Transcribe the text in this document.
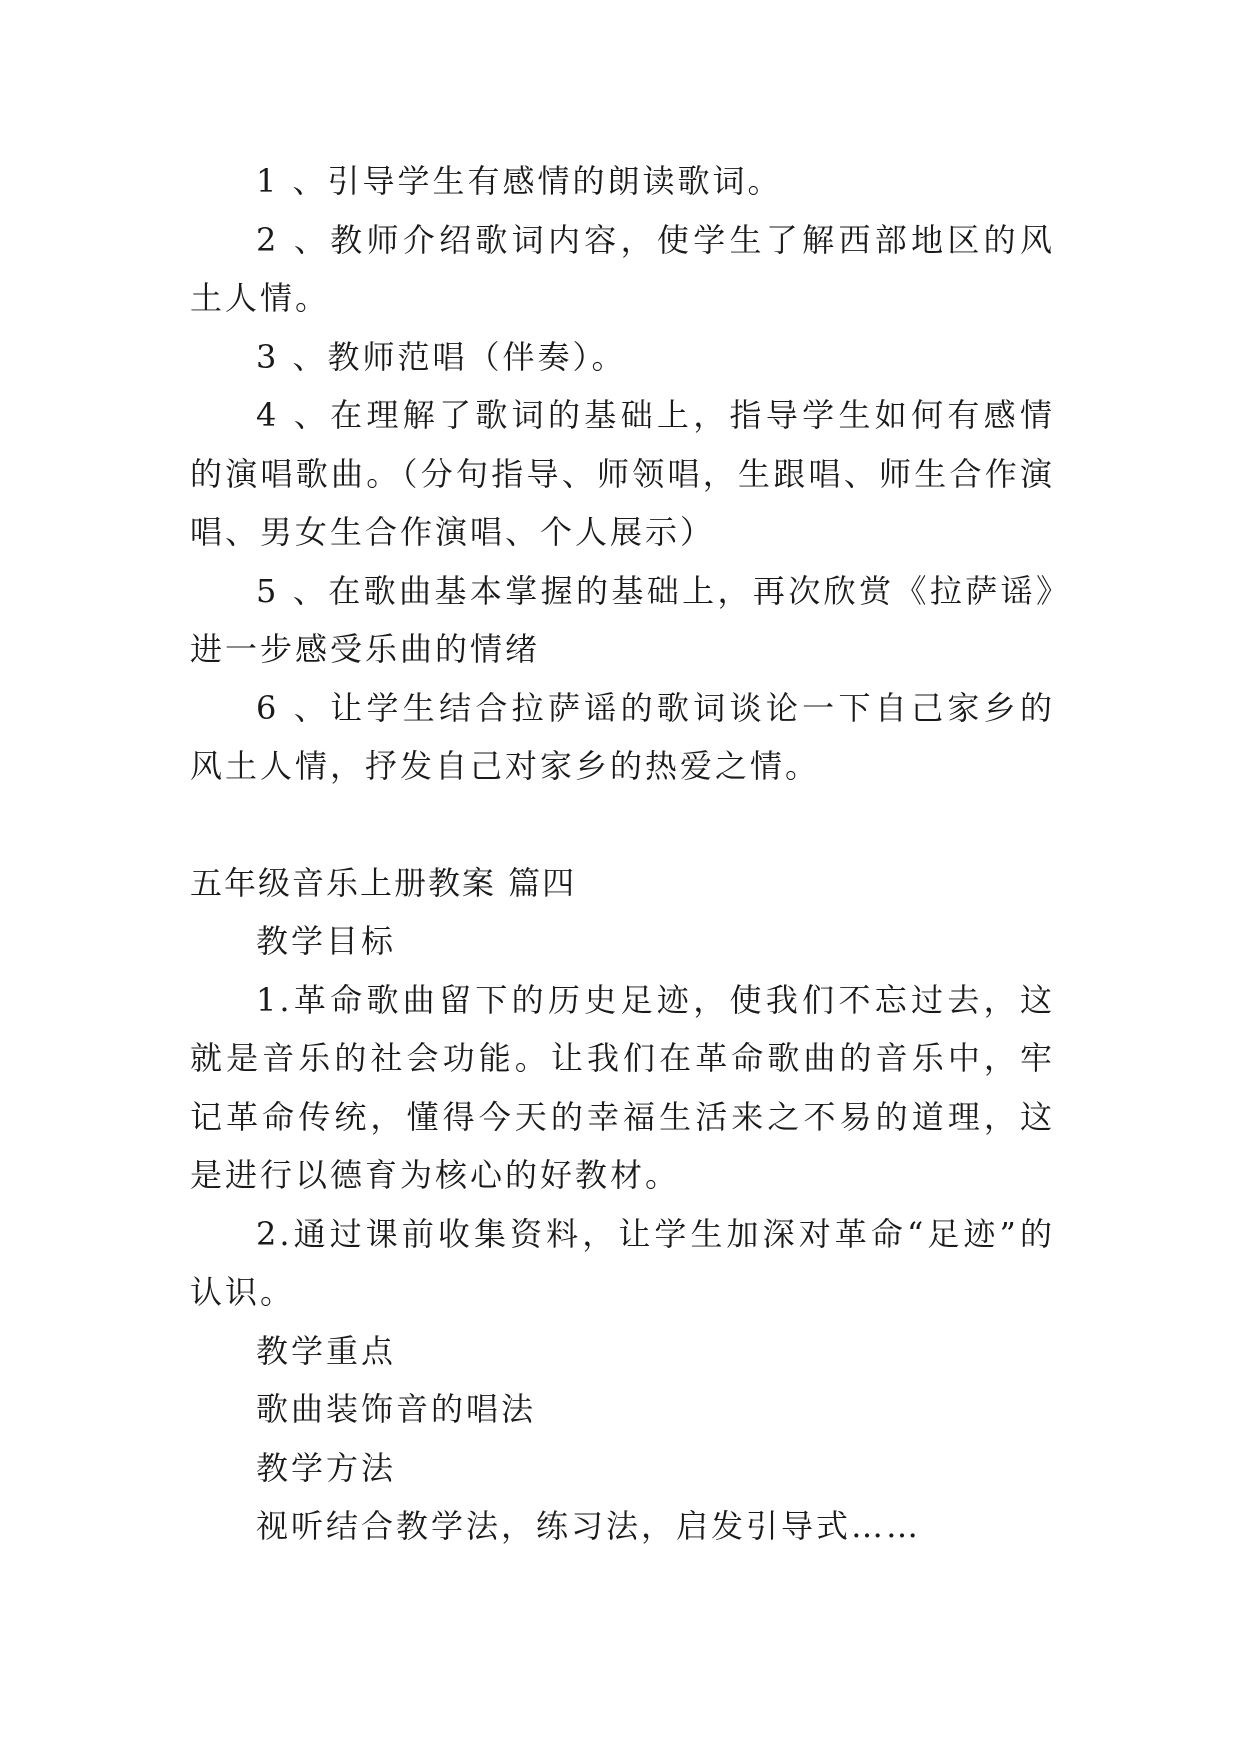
1 、引导学生有感情的朗读歌词。

2 、教师介绍歌词内容，使学生了解西部地区的风土人情。

3 、教师范唱（伴奏）。

4 、在理解了歌词的基础上，指导学生如何有感情的演唱歌曲。（分句指导、师领唱，生跟唱、师生合作演唱、男女生合作演唱、个人展示）

5 、在歌曲基本掌握的基础上，再次欣赏《拉萨谣》进一步感受乐曲的情绪

6 、让学生结合拉萨谣的歌词谈论一下自己家乡的风土人情，抒发自己对家乡的热爱之情。

五年级音乐上册教案 篇四

教学目标

1.革命歌曲留下的历史足迹，使我们不忘过去，这就是音乐的社会功能。让我们在革命歌曲的音乐中，牢记革命传统，懂得今天的幸福生活来之不易的道理，这是进行以德育为核心的好教材。

2.通过课前收集资料，让学生加深对革命“足迹”的认识。

教学重点

歌曲装饰音的唱法

教学方法

视听结合教学法，练习法，启发引导式……
